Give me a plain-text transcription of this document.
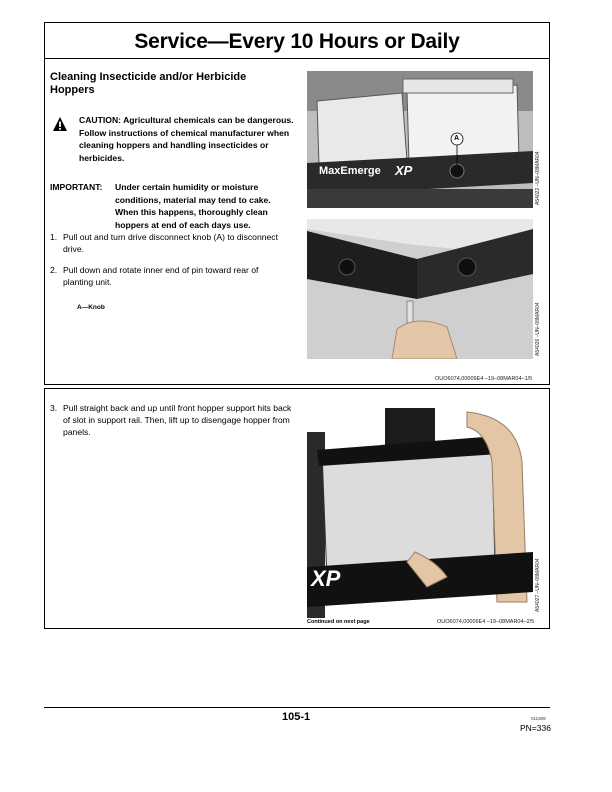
Service—Every 10 Hours or Daily
Cleaning Insecticide and/or Herbicide Hoppers
CAUTION: Agricultural chemicals can be dangerous. Follow instructions of chemical manufacturer when cleaning hoppers and handling insecticides or herbicides.
IMPORTANT: Under certain humidity or moisture conditions, material may tend to cake. When this happens, thoroughly clean hoppers at end of each days use.
1. Pull out and turn drive disconnect knob (A) to disconnect drive.
2. Pull down and rotate inner end of pin toward rear of planting unit.
A—Knob
MaxEmerge XP
A
A54022 –UN–08MAR04
A54026 –UN–08MAR04
OUO6074,00009E4 –19–08MAR04–1/5
3. Pull straight back and up until front hopper support hits back of slot in support rail. Then, lift up to disengage hopper from panels.
XP	A54027 –UN–08MAR04
Continued on next page	OUO6074,00009E4 –19–08MAR04–2/5
105-1	011309
PN=336
